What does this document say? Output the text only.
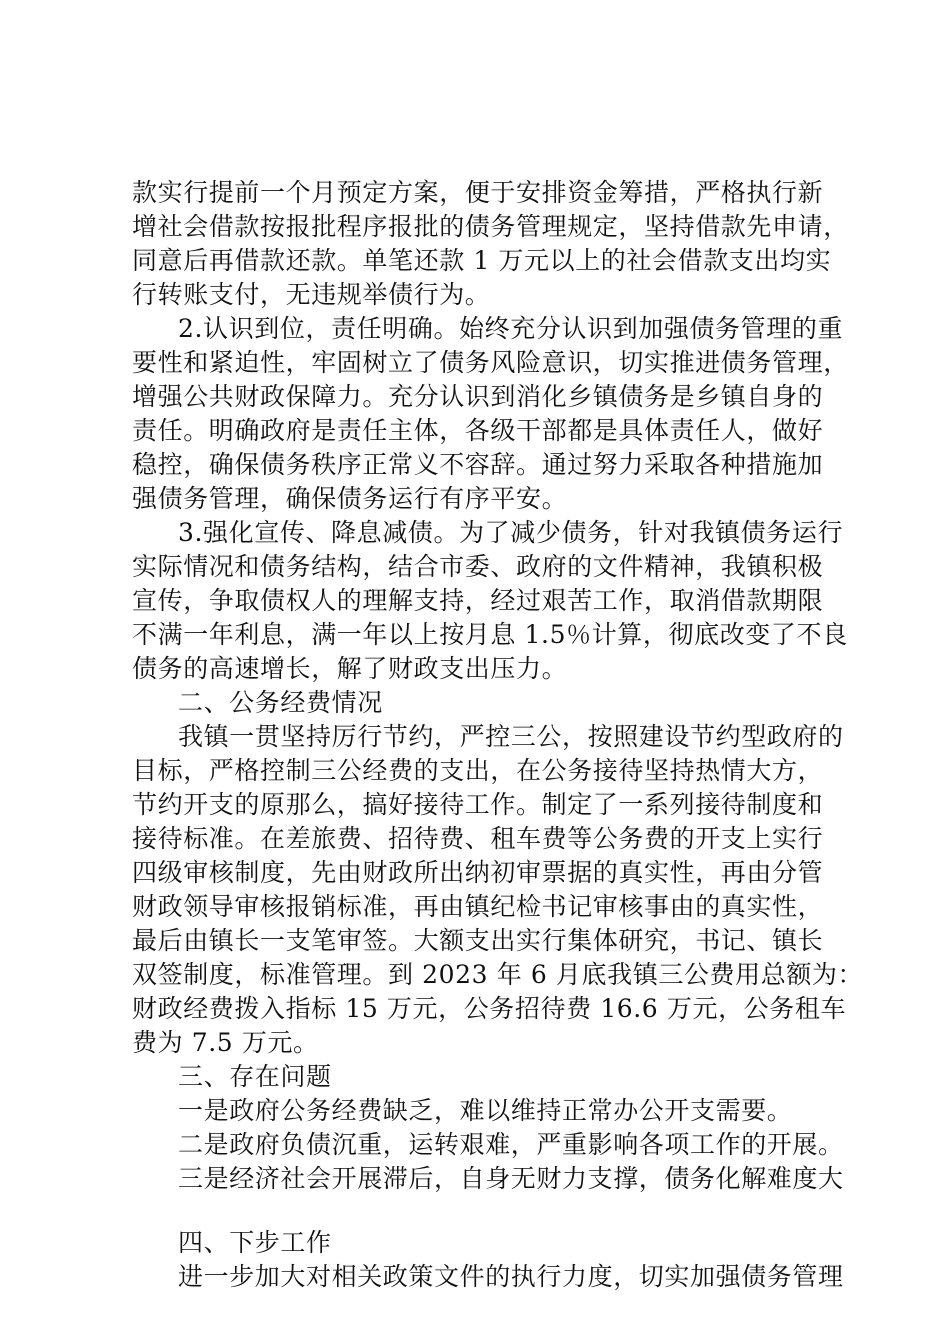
款实行提前一个月预定方案，便于安排资金筹措，严格执行新
增社会借款按报批程序报批的债务管理规定，坚持借款先申请，
同意后再借款还款。单笔还款 1 万元以上的社会借款支出均实
行转账支付，无违规举债行为。
2.认识到位，责任明确。始终充分认识到加强债务管理的重
要性和紧迫性，牢固树立了债务风险意识，切实推进债务管理，
增强公共财政保障力。充分认识到消化乡镇债务是乡镇自身的
责任。明确政府是责任主体，各级干部都是具体责任人，做好
稳控，确保债务秩序正常义不容辞。通过努力采取各种措施加
强债务管理，确保债务运行有序平安。
3.强化宣传、降息减债。为了减少债务，针对我镇债务运行
实际情况和债务结构，结合市委、政府的文件精神，我镇积极
宣传，争取债权人的理解支持，经过艰苦工作，取消借款期限
不满一年利息，满一年以上按月息 1.5％计算，彻底改变了不良
债务的高速增长，解了财政支出压力。
二、公务经费情况
我镇一贯坚持厉行节约，严控三公，按照建设节约型政府的
目标，严格控制三公经费的支出，在公务接待坚持热情大方，
节约开支的原那么，搞好接待工作。制定了一系列接待制度和
接待标准。在差旅费、招待费、租车费等公务费的开支上实行
四级审核制度，先由财政所出纳初审票据的真实性，再由分管
财政领导审核报销标准，再由镇纪检书记审核事由的真实性，
最后由镇长一支笔审签。大额支出实行集体研究，书记、镇长
双签制度，标准管理。到 2023 年 6 月底我镇三公费用总额为：
财政经费拨入指标 15 万元，公务招待费 16.6 万元，公务租车
费为 7.5 万元。
三、存在问题
一是政府公务经费缺乏，难以维持正常办公开支需要。
二是政府负债沉重，运转艰难，严重影响各项工作的开展。
三是经济社会开展滞后，自身无财力支撑，债务化解难度大
四、下步工作
进一步加大对相关政策文件的执行力度，切实加强债务管理
